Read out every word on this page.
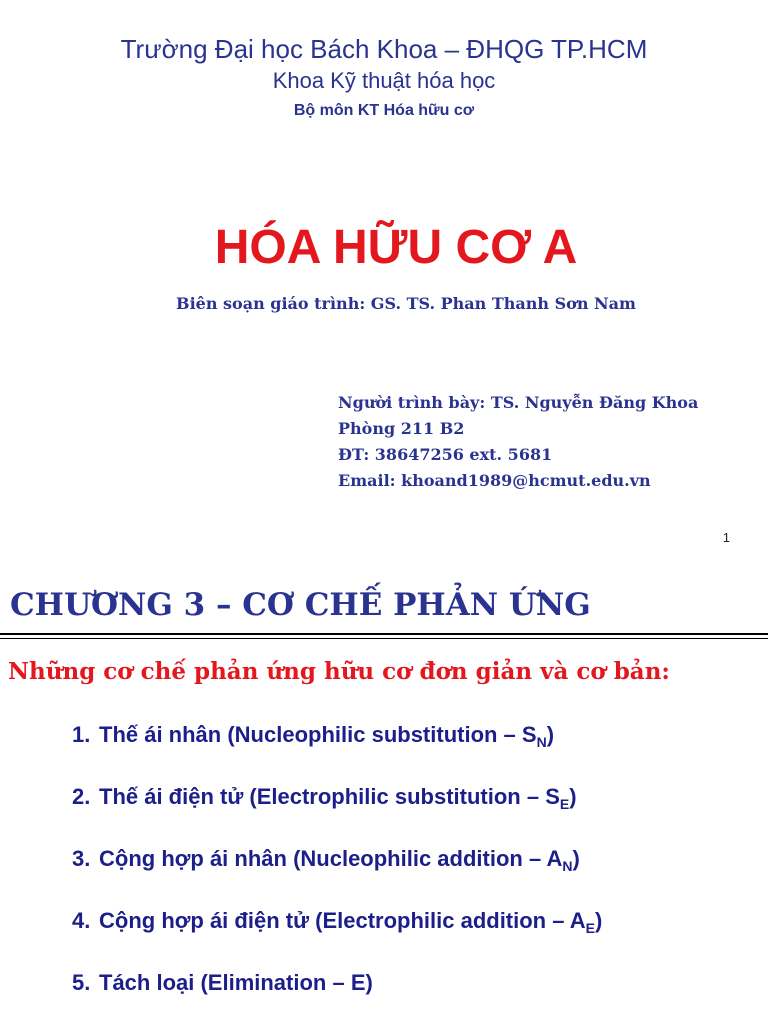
Trường Đại học Bách Khoa – ĐHQG TP.HCM
Khoa Kỹ thuật hóa học
Bộ môn KT Hóa hữu cơ
HÓA HỮU CƠ A
Biên soạn giáo trình: GS. TS. Phan Thanh Sơn Nam
Người trình bày: TS. Nguyễn Đăng Khoa
Phòng 211 B2
ĐT: 38647256 ext. 5681
Email: khoand1989@hcmut.edu.vn
1
CHƯƠNG 3 – CƠ CHẾ PHẢN ỨNG
Những cơ chế phản ứng hữu cơ đơn giản và cơ bản:
1. Thế ái nhân (Nucleophilic substitution – $S_N$)
2. Thế ái điện tử (Electrophilic substitution – $S_E$)
3. Cộng hợp ái nhân (Nucleophilic addition – $A_N$)
4. Cộng hợp ái điện tử (Electrophilic addition – $A_E$)
5. Tách loại (Elimination – E)
